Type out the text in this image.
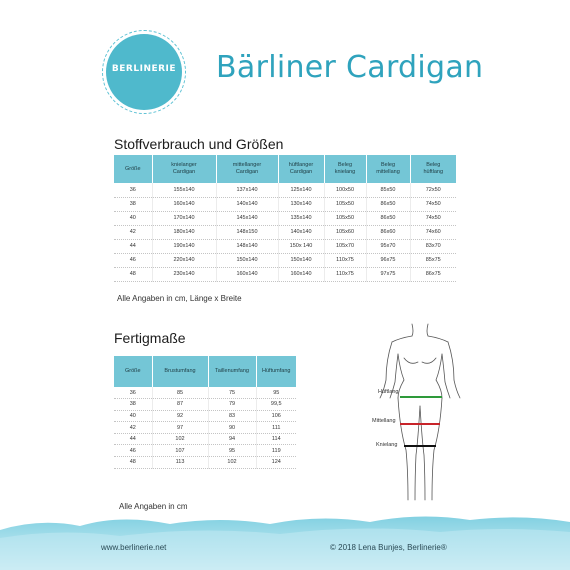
BERLINERIE Bärliner Cardigan
Stoffverbrauch und Größen
Größe	knielanger Cardigan	mittellanger Cardigan	hüftlanger Cardigan	Beleg knielang	Beleg mittellang	Beleg hüftlang
36	155x140	137x140	125x140	100x50	85x50	72x50
38	160x140	140x140	130x140	105x50	86x50	74x50
40	170x140	145x140	135x140	105x50	86x50	74x50
42	180x140	148x150	140x140	105x60	86x60	74x60
44	190x140	148x140	150x 140	105x70	95x70	83x70
46	220x140	150x140	150x140	110x75	96x75	85x75
48	230x140	160x140	160x140	110x75	97x75	86x75
Alle Angaben in cm, Länge x Breite
Fertigmaße
Größe	Brustumfang	Taillenumfang	Hüftumfang
36	85	75	95
38	87	79	99,5
40	92	83	106
42	97	90	111
44	102	94	114
46	107	95	119
48	113	102	124
Alle Angaben in cm
Hüftlang
Mittellang
Knielang
www.berlinerie.net	© 2018 Lena Bunjes, Berlinerie®
